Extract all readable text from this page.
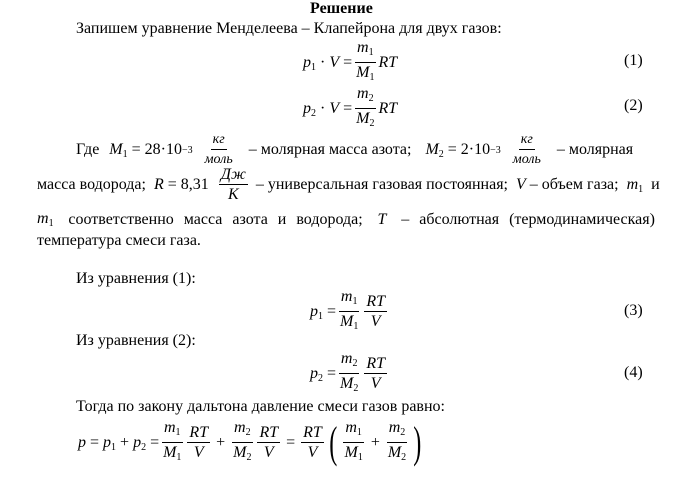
Решение
Запишем уравнение Менделеева – Клапейрона для двух газов:
$p_1 \cdot V = \frac{m_1}{M_1}$ RT	(1)
$p_2 \cdot V = \frac{m_2}{M_2}$ RT	(2)
Где $M_1 = 28\cdot 10 -3 \frac{кг}{\text{моль}}$ – молярная масса азота; $M_2 = 2\cdot 10 -3 \frac{кг}{\text{моль}}$ – молярная
масса водорода; $R = 8,31 \frac{Дж}{К}$ – универсальная газовая постоянная; V
– объем газа; $m_1$
и
$m_1$ соответственно масса азота и водорода; T – абсолютная (термодинамическая)
температура смеси газа.
Из уравнения (1):
$p_1 = \frac{m_1}{M_1} \frac{RT}{V}$	(3)
Из уравнения (2):
$p_2 = \frac{m_2}{M_2} \frac{RT}{V}$	(4)
Тогда по закону дальтона давление смеси газов равно:
$p = p_1 + p_2 = \frac{m_1}{M_1} \frac{RT}{V} + \frac{m_2}{M_2} \frac{RT}{V} = \frac{RT}{V}$ ( $\frac{m_1}{M_1} + \frac{m_2}{M_2}$ )
